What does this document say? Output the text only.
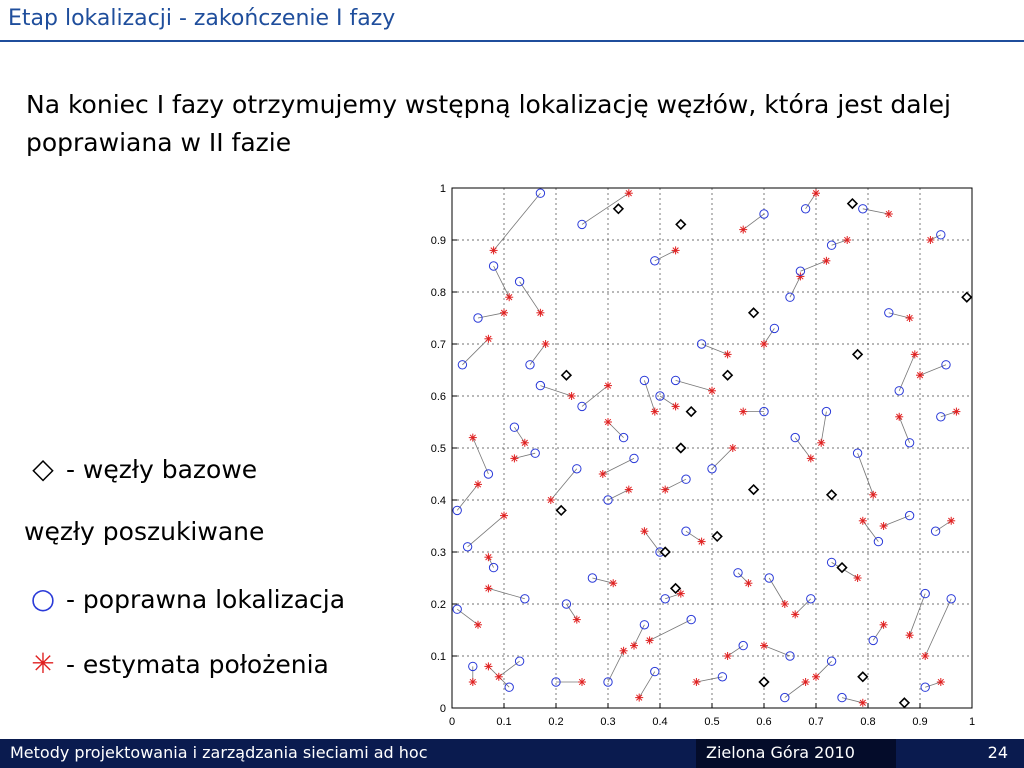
Etap lokalizacji - zakończenie I fazy
Na koniec I fazy otrzymujemy wstępną lokalizację węzłów, która jest dalej poprawiana w II fazie
◇ - węzły bazowe
węzły poszukiwane
○ - poprawna lokalizacja
✳ - estymata położenia
0	0.1	0.2	0.3	0.4	0.5	0.6	0.7	0.8	0.9	1
0
0.1
0.2
0.3
0.4
0.5
0.6
0.7
0.8
0.9
1
Metody projektowania i zarządzania sieciami ad hoc	Zielona Góra 2010	24
